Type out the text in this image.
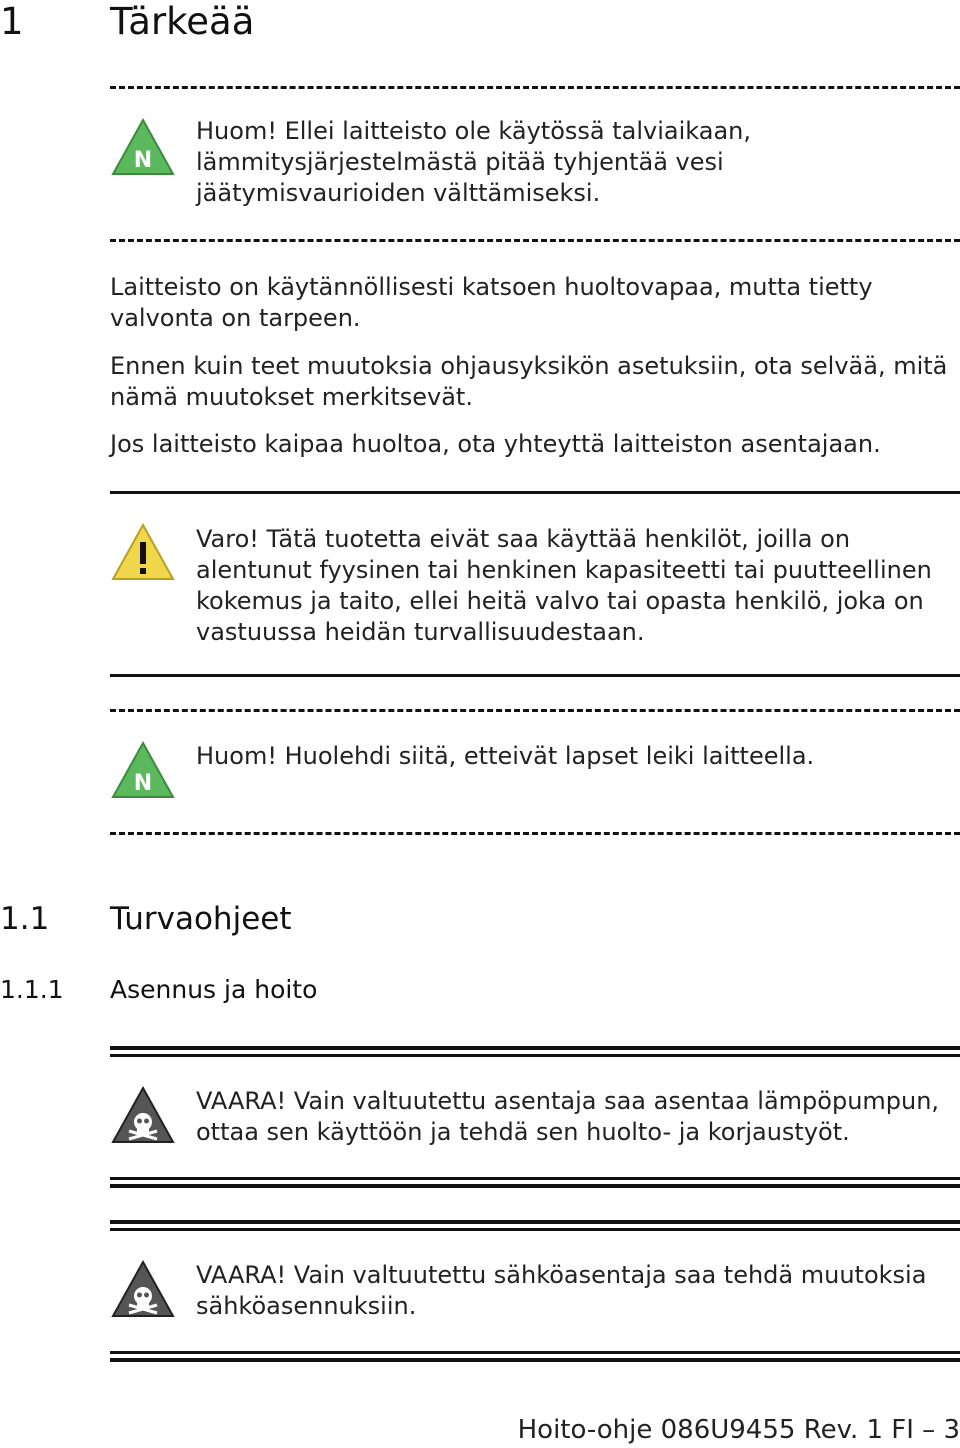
1 Tärkeää
N
Huom! Ellei laitteisto ole käytössä talviaikaan, lämmitysjärjestelmästä pitää tyhjentää vesi jäätymisvaurioiden välttämiseksi.
Laitteisto on käytännöllisesti katsoen huoltovapaa, mutta tietty valvonta on tarpeen.
Ennen kuin teet muutoksia ohjausyksikön asetuksiin, ota selvää, mitä nämä muutokset merkitsevät.
Jos laitteisto kaipaa huoltoa, ota yhteyttä laitteiston asentajaan.
Varo! Tätä tuotetta eivät saa käyttää henkilöt, joilla on alentunut fyysinen tai henkinen kapasiteetti tai puutteellinen kokemus ja taito, ellei heitä valvo tai opasta henkilö, joka on vastuussa heidän turvallisuudestaan.
N
Huom! Huolehdi siitä, etteivät lapset leiki laitteella.
1.1 Turvaohjeet
1.1.1 Asennus ja hoito
VAARA! Vain valtuutettu asentaja saa asentaa lämpöpumpun, ottaa sen käyttöön ja tehdä sen huolto- ja korjaustyöt.
VAARA! Vain valtuutettu sähköasentaja saa tehdä muutoksia sähköasennuksiin.
Hoito-ohje 086U9455 Rev. 1 FI – 3
